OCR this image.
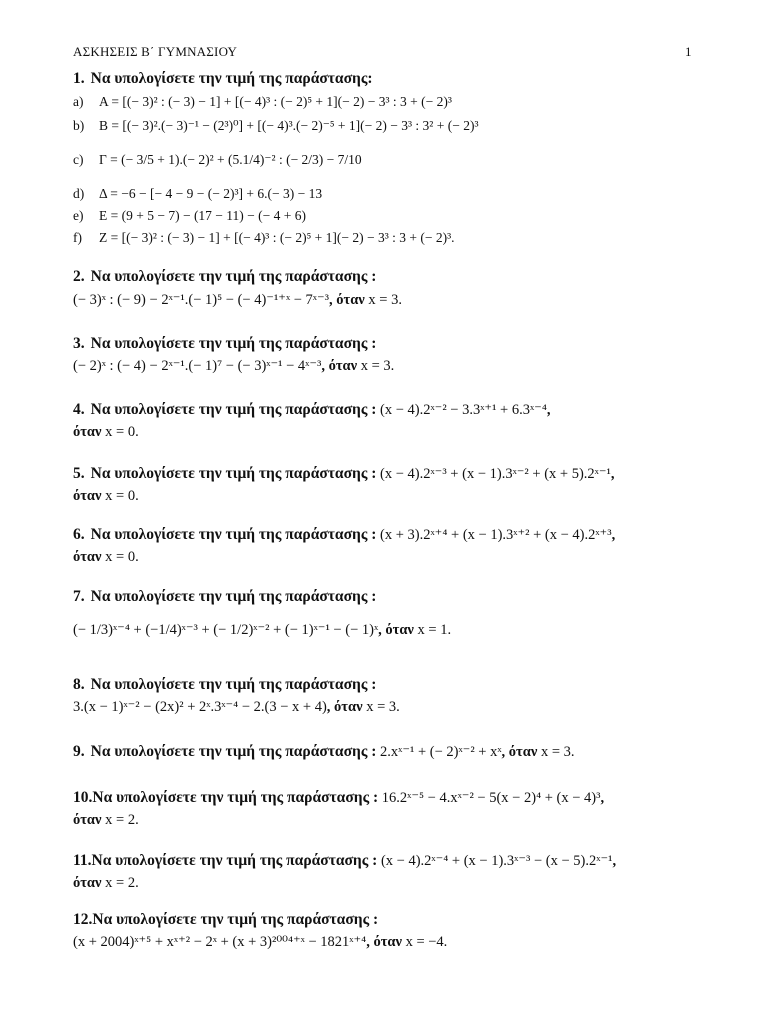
ΑΣΚΗΣΕΙΣ Β΄ ΓΥΜΝΑΣΙΟΥ	1
1. Να υπολογίσετε την τιμή της παράστασης:
a) Α = [(− 3)² : (− 3) − 1] + [(− 4)³ : (− 2)⁵ + 1](− 2) − 3³ : 3 + (− 2)³
b) Β = [(− 3)².(− 3)⁻¹ − (2³)⁰] + [(− 4)³.(− 2)⁻⁵ + 1](− 2) − 3³ : 3² + (− 2)³
c) Γ = (− 3/5 + 1).(− 2)² + (5.1/4)⁻² : (− 2/3) − 7/10
d) Δ = −6 − [− 4 − 9 − (− 2)³] + 6.(− 3) − 13
e) Ε = (9 + 5 − 7) − (17 − 11) − (− 4 + 6)
f) Ζ = [(− 3)² : (− 3) − 1] + [(− 4)³ : (− 2)⁵ + 1](− 2) − 3³ : 3 + (− 2)³.
2. Να υπολογίσετε την τιμή της παράστασης :
(− 3)ˣ : (− 9) − 2ˣ⁻¹.(− 1)⁵ − (− 4)⁻¹⁺ˣ − 7ˣ⁻³, όταν x = 3.
3. Να υπολογίσετε την τιμή της παράστασης :
(− 2)ˣ : (− 4) − 2ˣ⁻¹.(− 1)⁷ − (− 3)ˣ⁻¹ − 4ˣ⁻³, όταν x = 3.
4. Να υπολογίσετε την τιμή της παράστασης : (x − 4).2ˣ⁻² − 3.3ˣ⁺¹ + 6.3ˣ⁻⁴,
όταν x = 0.
5. Να υπολογίσετε την τιμή της παράστασης : (x − 4).2ˣ⁻³ + (x − 1).3ˣ⁻² + (x + 5).2ˣ⁻¹,
όταν x = 0.
6. Να υπολογίσετε την τιμή της παράστασης : (x + 3).2ˣ⁺⁴ + (x − 1).3ˣ⁺² + (x − 4).2ˣ⁺³,
όταν x = 0.
7. Να υπολογίσετε την τιμή της παράστασης :
(− 1/3)ˣ⁻⁴ + (−1/4)ˣ⁻³ + (− 1/2)ˣ⁻² + (− 1)ˣ⁻¹ − (− 1)ˣ, όταν x = 1.
8. Να υπολογίσετε την τιμή της παράστασης :
3.(x − 1)ˣ⁻² − (2x)² + 2ˣ.3ˣ⁻⁴ − 2.(3 − x + 4), όταν x = 3.
9. Να υπολογίσετε την τιμή της παράστασης : 2.xˣ⁻¹ + (− 2)ˣ⁻² + xˣ, όταν x = 3.
10.Να υπολογίσετε την τιμή της παράστασης : 16.2ˣ⁻⁵ − 4.xˣ⁻² − 5(x − 2)⁴ + (x − 4)³,
όταν x = 2.
11.Να υπολογίσετε την τιμή της παράστασης : (x − 4).2ˣ⁻⁴ + (x − 1).3ˣ⁻³ − (x − 5).2ˣ⁻¹,
όταν x = 2.
12.Να υπολογίσετε την τιμή της παράστασης :
(x + 2004)ˣ⁺⁵ + xˣ⁺² − 2ˣ + (x + 3)²⁰⁰⁴⁺ˣ − 1821ˣ⁺⁴, όταν x = −4.
